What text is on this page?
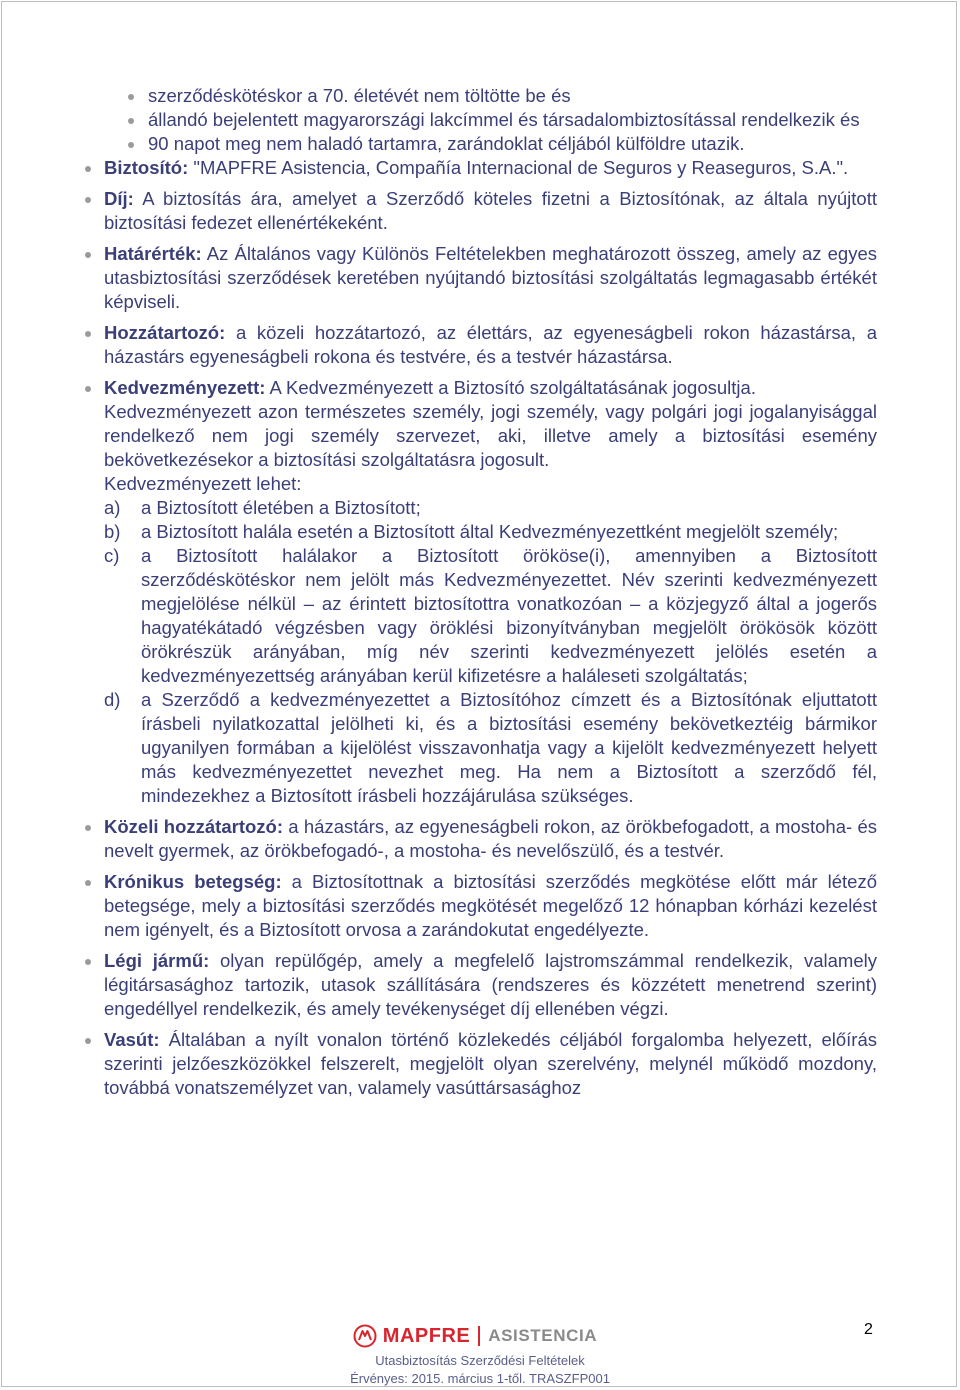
szerződéskötéskor a 70. életévét nem töltötte be és
állandó bejelentett magyarországi lakcímmel és társadalombiztosítással rendelkezik és
90 napot meg nem haladó tartamra, zarándoklat céljából külföldre utazik.
Biztosító: "MAPFRE Asistencia, Compañía Internacional de Seguros y Reaseguros, S.A.".
Díj: A biztosítás ára, amelyet a Szerződő köteles fizetni a Biztosítónak, az általa nyújtott biztosítási fedezet ellenértékeként.
Határérték: Az Általános vagy Különös Feltételekben meghatározott összeg, amely az egyes utasbiztosítási szerződések keretében nyújtandó biztosítási szolgáltatás legmagasabb értékét képviseli.
Hozzátartozó: a közeli hozzátartozó, az élettárs, az egyeneságbeli rokon házastársa, a házastárs egyeneságbeli rokona és testvére, és a testvér házastársa.
Kedvezményezett: A Kedvezményezett a Biztosító szolgáltatásának jogosultja.

Kedvezményezett azon természetes személy, jogi személy, vagy polgári jogi jogalanyisággal rendelkező nem jogi személy szervezet, aki, illetve amely a biztosítási esemény bekövetkezésekor a biztosítási szolgáltatásra jogosult.

Kedvezményezett lehet:

a) a Biztosított életében a Biztosított;
b) a Biztosított halála esetén a Biztosított által Kedvezményezettként megjelölt személy;
c) a Biztosított halálakor a Biztosított örököse(i), amennyiben a Biztosított szerződéskötéskor nem jelölt más Kedvezményezettet. Név szerinti kedvezményezett megjelölése nélkül – az érintett biztosítottra vonatkozóan – a közjegyző által a jogerős hagyatékátadó végzésben vagy öröklési bizonyítványban megjelölt örökösök között örökrészük arányában, míg név szerinti kedvezményezett jelölés esetén a kedvezményezettség arányában kerül kifizetésre a haláleseti szolgáltatás;
d) a Szerződő a kedvezményezettet a Biztosítóhoz címzett és a Biztosítónak eljuttatott írásbeli nyilatkozattal jelölheti ki, és a biztosítási esemény bekövetkeztéig bármikor ugyanilyen formában a kijelölést visszavonhatja vagy a kijelölt kedvezményezett helyett más kedvezményezettet nevezhet meg. Ha nem a Biztosított a szerződő fél, mindezekhez a Biztosított írásbeli hozzájárulása szükséges.
Közeli hozzátartozó: a házastárs, az egyeneságbeli rokon, az örökbefogadott, a mostoha- és nevelt gyermek, az örökbefogadó-, a mostoha- és nevelőszülő, és a testvér.
Krónikus betegség: a Biztosítottnak a biztosítási szerződés megkötése előtt már létező betegsége, mely a biztosítási szerződés megkötését megelőző 12 hónapban kórházi kezelést nem igényelt, és a Biztosított orvosa a zarándokutat engedélyezte.
Légi jármű: olyan repülőgép, amely a megfelelő lajstromszámmal rendelkezik, valamely légitársasághoz tartozik, utasok szállítására (rendszeres és közzétett menetrend szerint) engedéllyel rendelkezik, és amely tevékenységet díj ellenében végzi.
Vasút: Általában a nyílt vonalon történő közlekedés céljából forgalomba helyezett, előírás szerinti jelzőeszközökkel felszerelt, megjelölt olyan szerelvény, melynél működő mozdony, továbbá vonatszemélyzet van, valamely vasúttársasághoz
MAPFRE ASISTENCIA
Utasbiztosítás Szerződési Feltételek
Érvényes: 2015. március 1-től. TRASZFP001
2
